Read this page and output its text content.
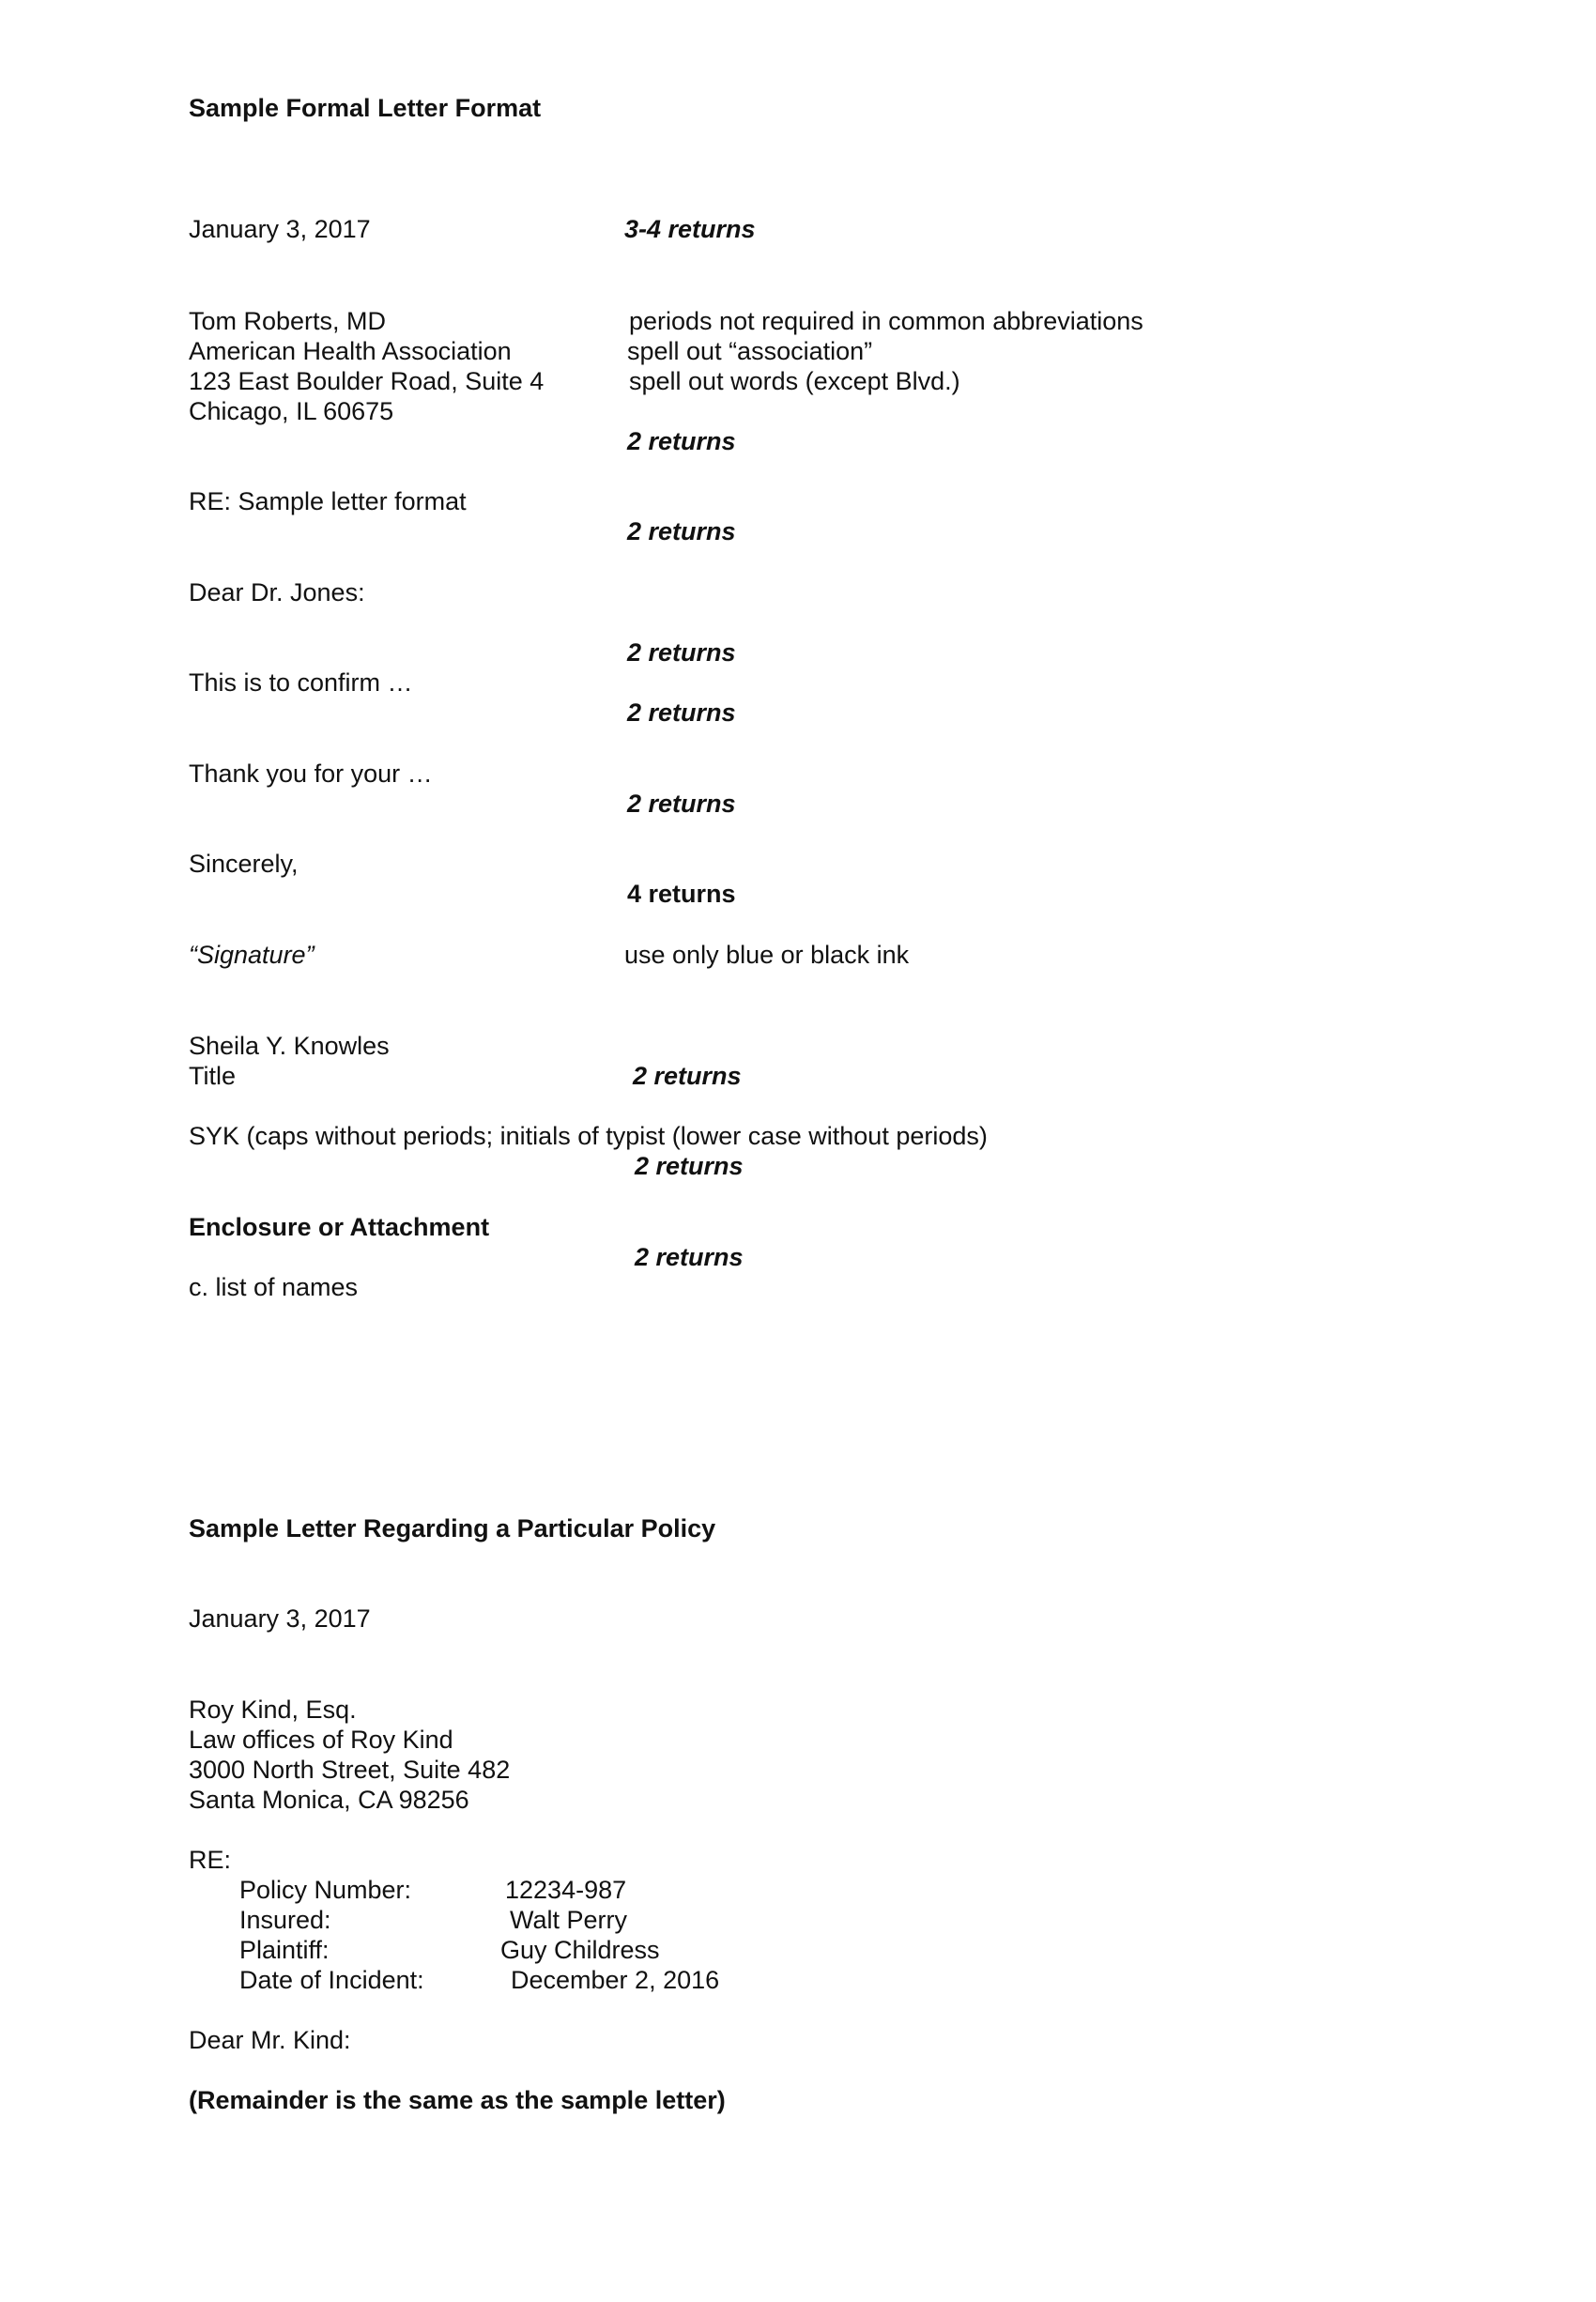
Sample Formal Letter Format
January 3, 2017	3-4 returns
Tom Roberts, MD	periods not required in common abbreviations
American Health Association	spell out “association”
123 East Boulder Road, Suite 4	spell out words (except Blvd.)
Chicago, IL 60675
2 returns
RE: Sample letter format
2 returns
Dear Dr. Jones:
2 returns
This is to confirm …
2 returns
Thank you for your …
2 returns
Sincerely,
4 returns
“Signature”	use only blue or black ink
Sheila Y. Knowles
Title	2 returns
SYK (caps without periods; initials of typist (lower case without periods)
2 returns
Enclosure or Attachment
2 returns
c. list of names
Sample Letter Regarding a Particular Policy
January 3, 2017
Roy Kind, Esq.
Law offices of Roy Kind
3000 North Street, Suite 482
Santa Monica, CA 98256
RE:
Policy Number:	12234-987
Insured:	Walt Perry
Plaintiff:	Guy Childress
Date of Incident:	December 2, 2016
Dear Mr. Kind:
(Remainder is the same as the sample letter)
